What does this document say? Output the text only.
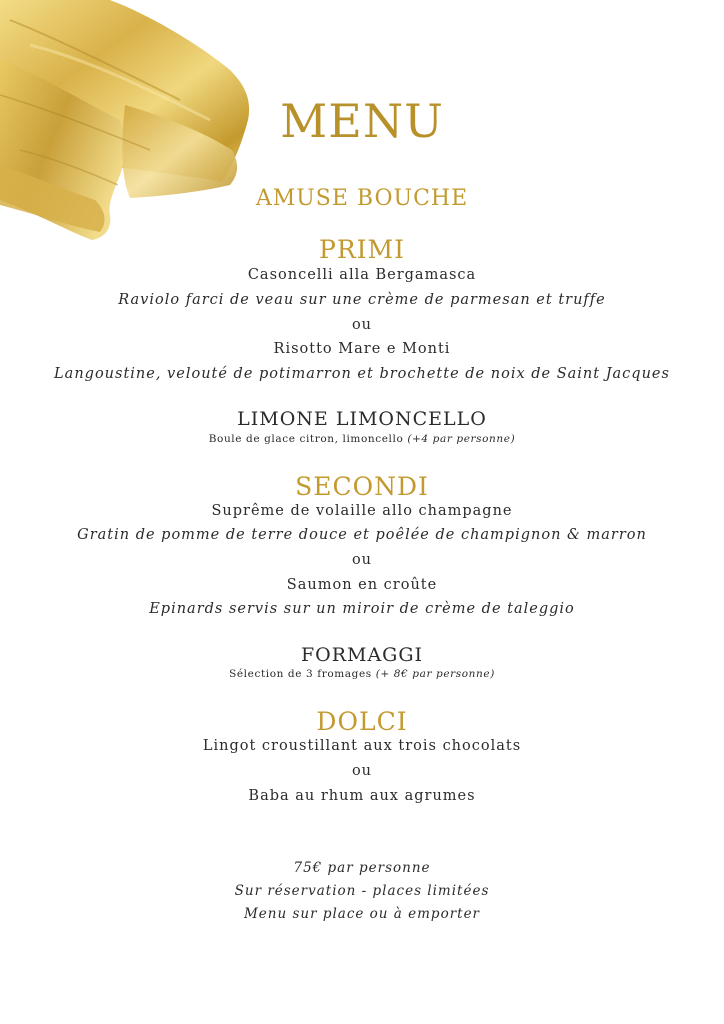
MENU
AMUSE BOUCHE
PRIMI
Casoncelli alla Bergamasca
Raviolo farci de veau sur une crème de parmesan et truffe
ou
Risotto Mare e Monti
Langoustine, velouté de potimarron et brochette de noix de Saint Jacques
LIMONE LIMONCELLO
Boule de glace citron, limoncello (+4 par personne)
SECONDI
Suprême de volaille allo champagne
Gratin de pomme de terre douce et poêlée de champignon & marron
ou
Saumon en croûte
Epinards servis sur un miroir de crème de taleggio
FORMAGGI
Sélection de 3 fromages (+ 8€ par personne)
DOLCI
Lingot croustillant aux trois chocolats
ou
Baba au rhum aux agrumes
75€ par personne
Sur réservation - places limitées
Menu sur place ou à emporter
